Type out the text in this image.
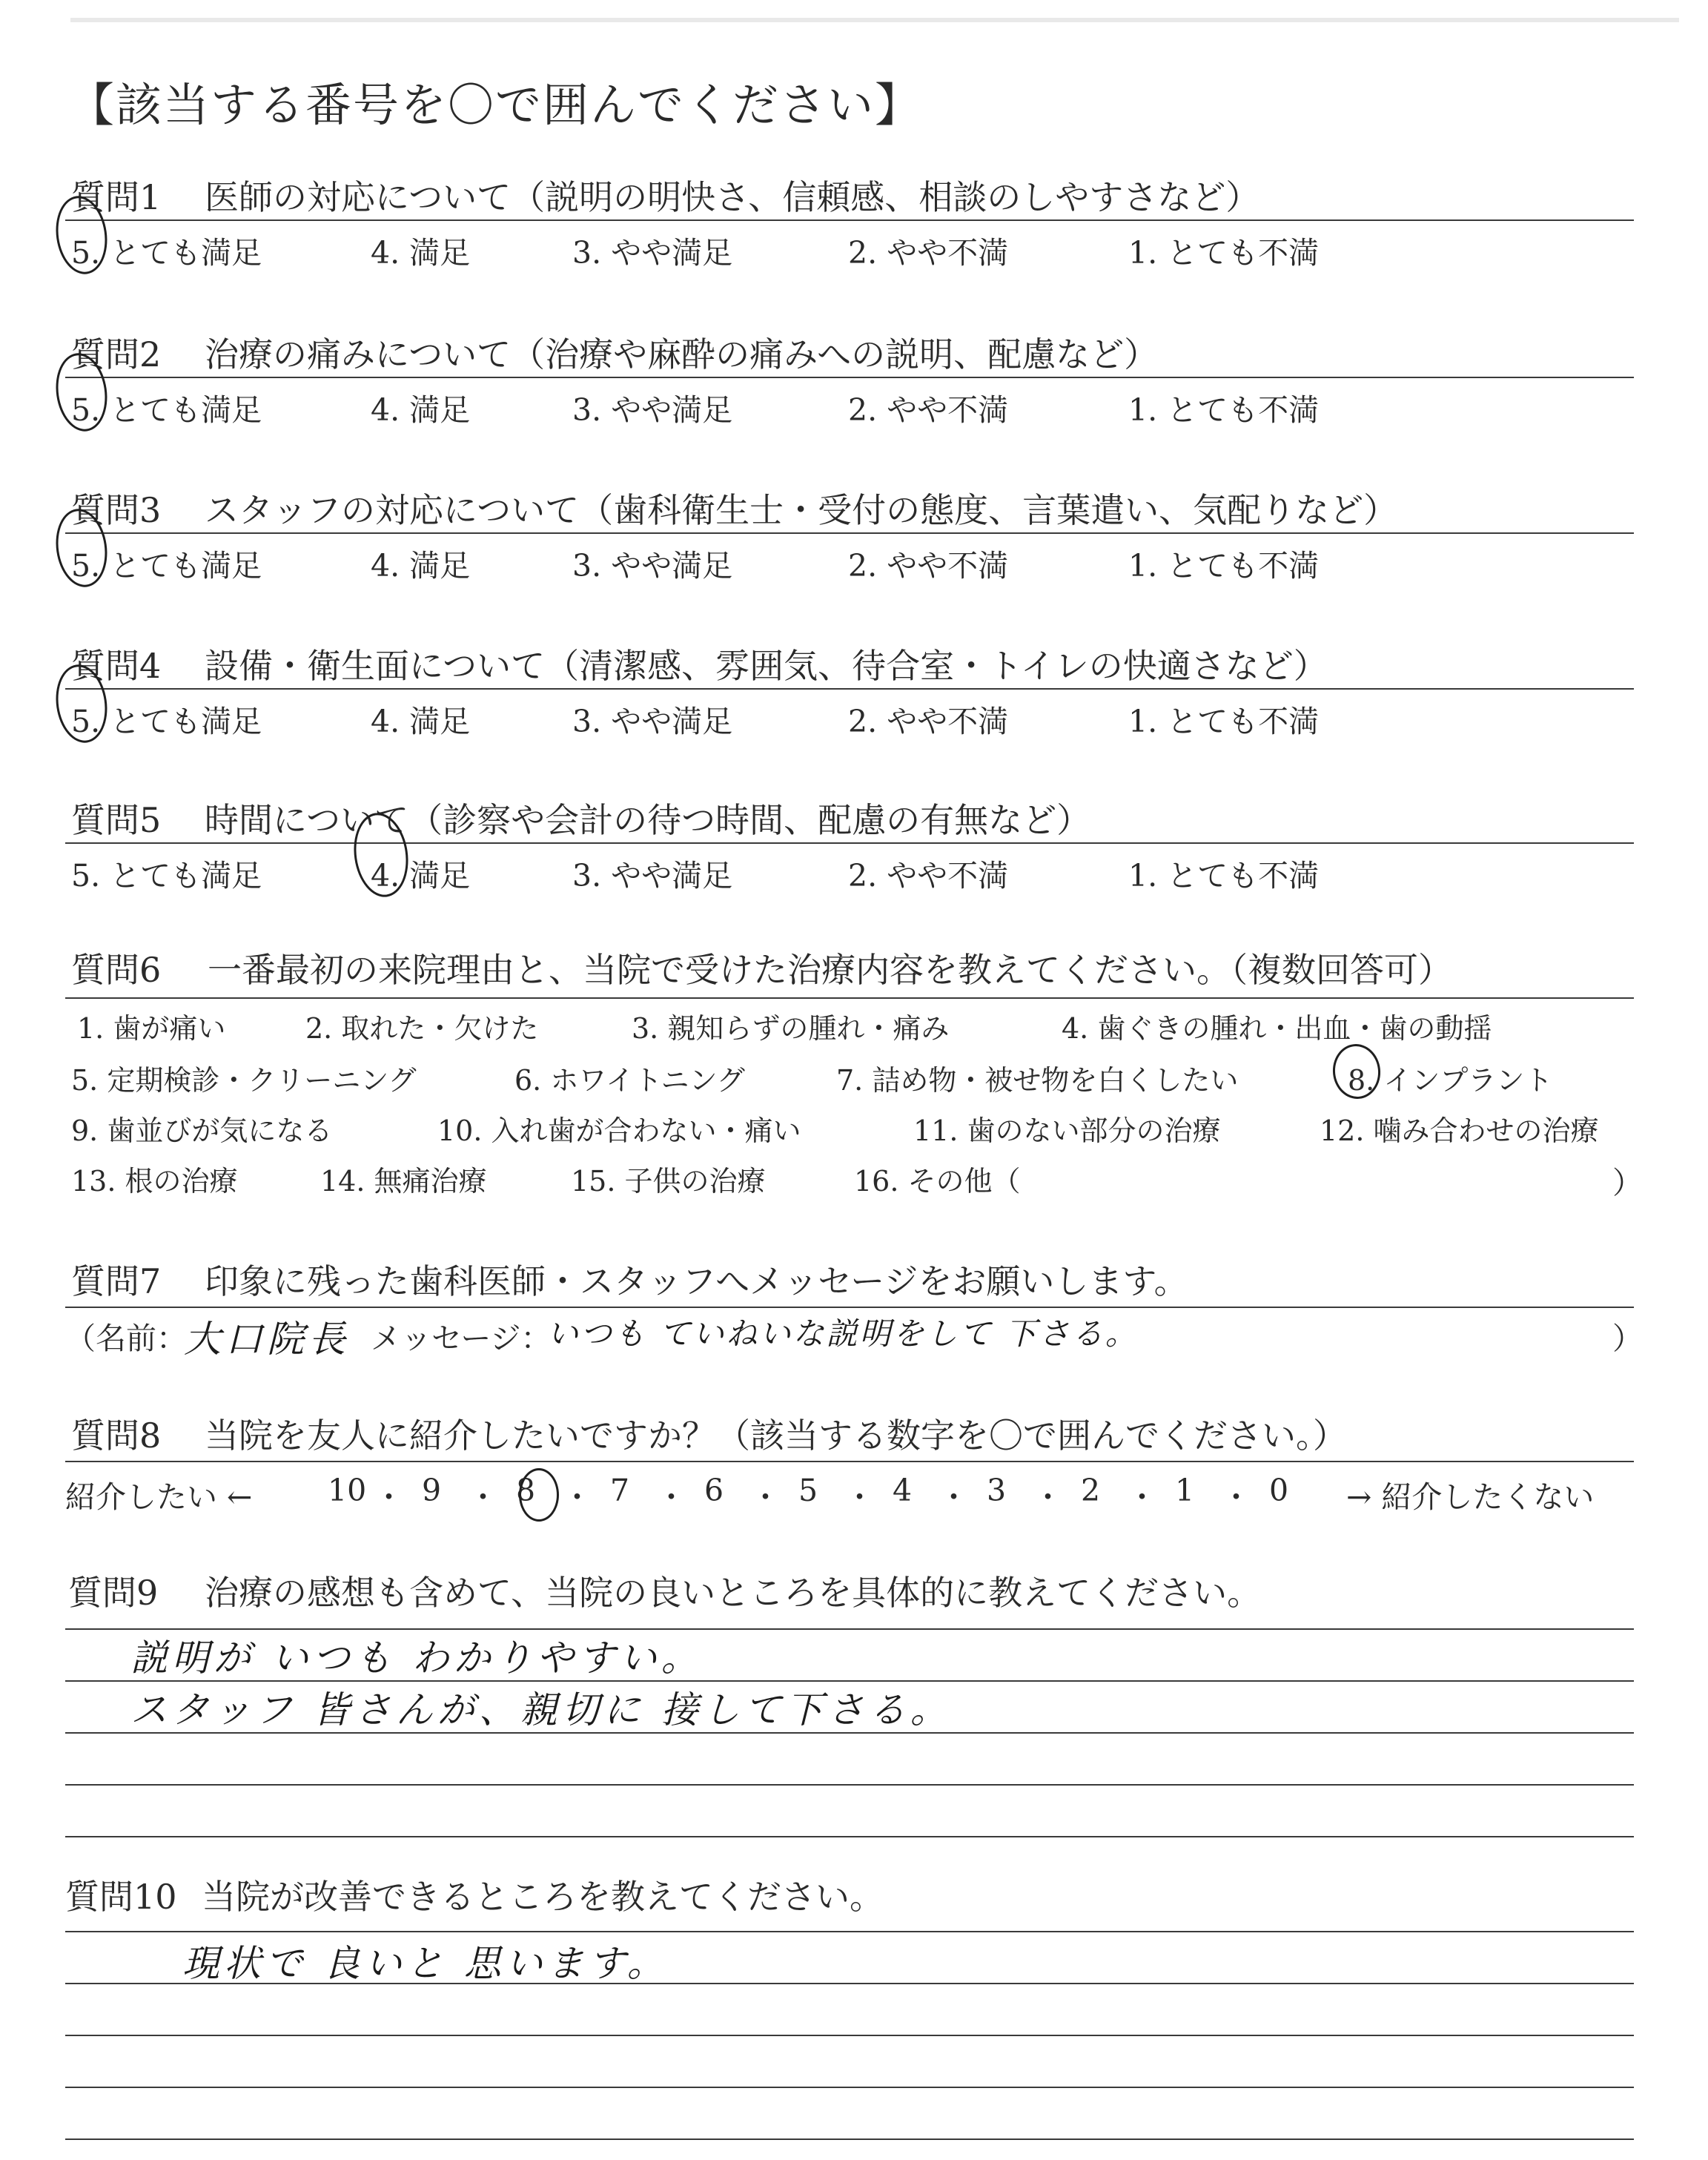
【該当する番号を〇で囲んでください】
質問1 医師の対応について（説明の明快さ、信頼感、相談のしやすさなど）
5. とても満足	4. 満足	3. やや満足	2. やや不満	1. とても不満
質問2 治療の痛みについて（治療や麻酔の痛みへの説明、配慮など）
5. とても満足	4. 満足	3. やや満足	2. やや不満	1. とても不満
質問3 スタッフの対応について（歯科衛生士・受付の態度、言葉遣い、気配りなど）
5. とても満足	4. 満足	3. やや満足	2. やや不満	1. とても不満
質問4 設備・衛生面について（清潔感、雰囲気、待合室・トイレの快適さなど）
5. とても満足	4. 満足	3. やや満足	2. やや不満	1. とても不満
質問5 時間について（診察や会計の待つ時間、配慮の有無など）
5. とても満足	4. 満足	3. やや満足	2. やや不満	1. とても不満
質問6 一番最初の来院理由と、当院で受けた治療内容を教えてください。（複数回答可）
1. 歯が痛い	2. 取れた・欠けた	3. 親知らずの腫れ・痛み	4. 歯ぐきの腫れ・出血・歯の動揺
5. 定期検診・クリーニング	6. ホワイトニング	7. 詰め物・被せ物を白くしたい	8. インプラント
9. 歯並びが気になる	10. 入れ歯が合わない・痛い	11. 歯のない部分の治療	12. 噛み合わせの治療
13. 根の治療	14. 無痛治療	15. 子供の治療	16. その他（	）
質問7 印象に残った歯科医師・スタッフへメッセージをお願いします。
（名前：
大口院長 メッセージ：
いつも ていねいな説明をして 下さる。	）
質問8 当院を友人に紹介したいですか？（該当する数字を〇で囲んでください。）
紹介したい ← 10 ・ 9 ・ 8 ・ 7 ・ 6 ・ 5 ・ 4 ・ 3 ・ 2 ・ 1 ・ 0 → 紹介したくない
質問9 治療の感想も含めて、当院の良いところを具体的に教えてください。
説明が いつも わかりやすい。
スタッフ 皆さんが、親切に 接して下さる。
質問10 当院が改善できるところを教えてください。
現状で 良いと 思います。
